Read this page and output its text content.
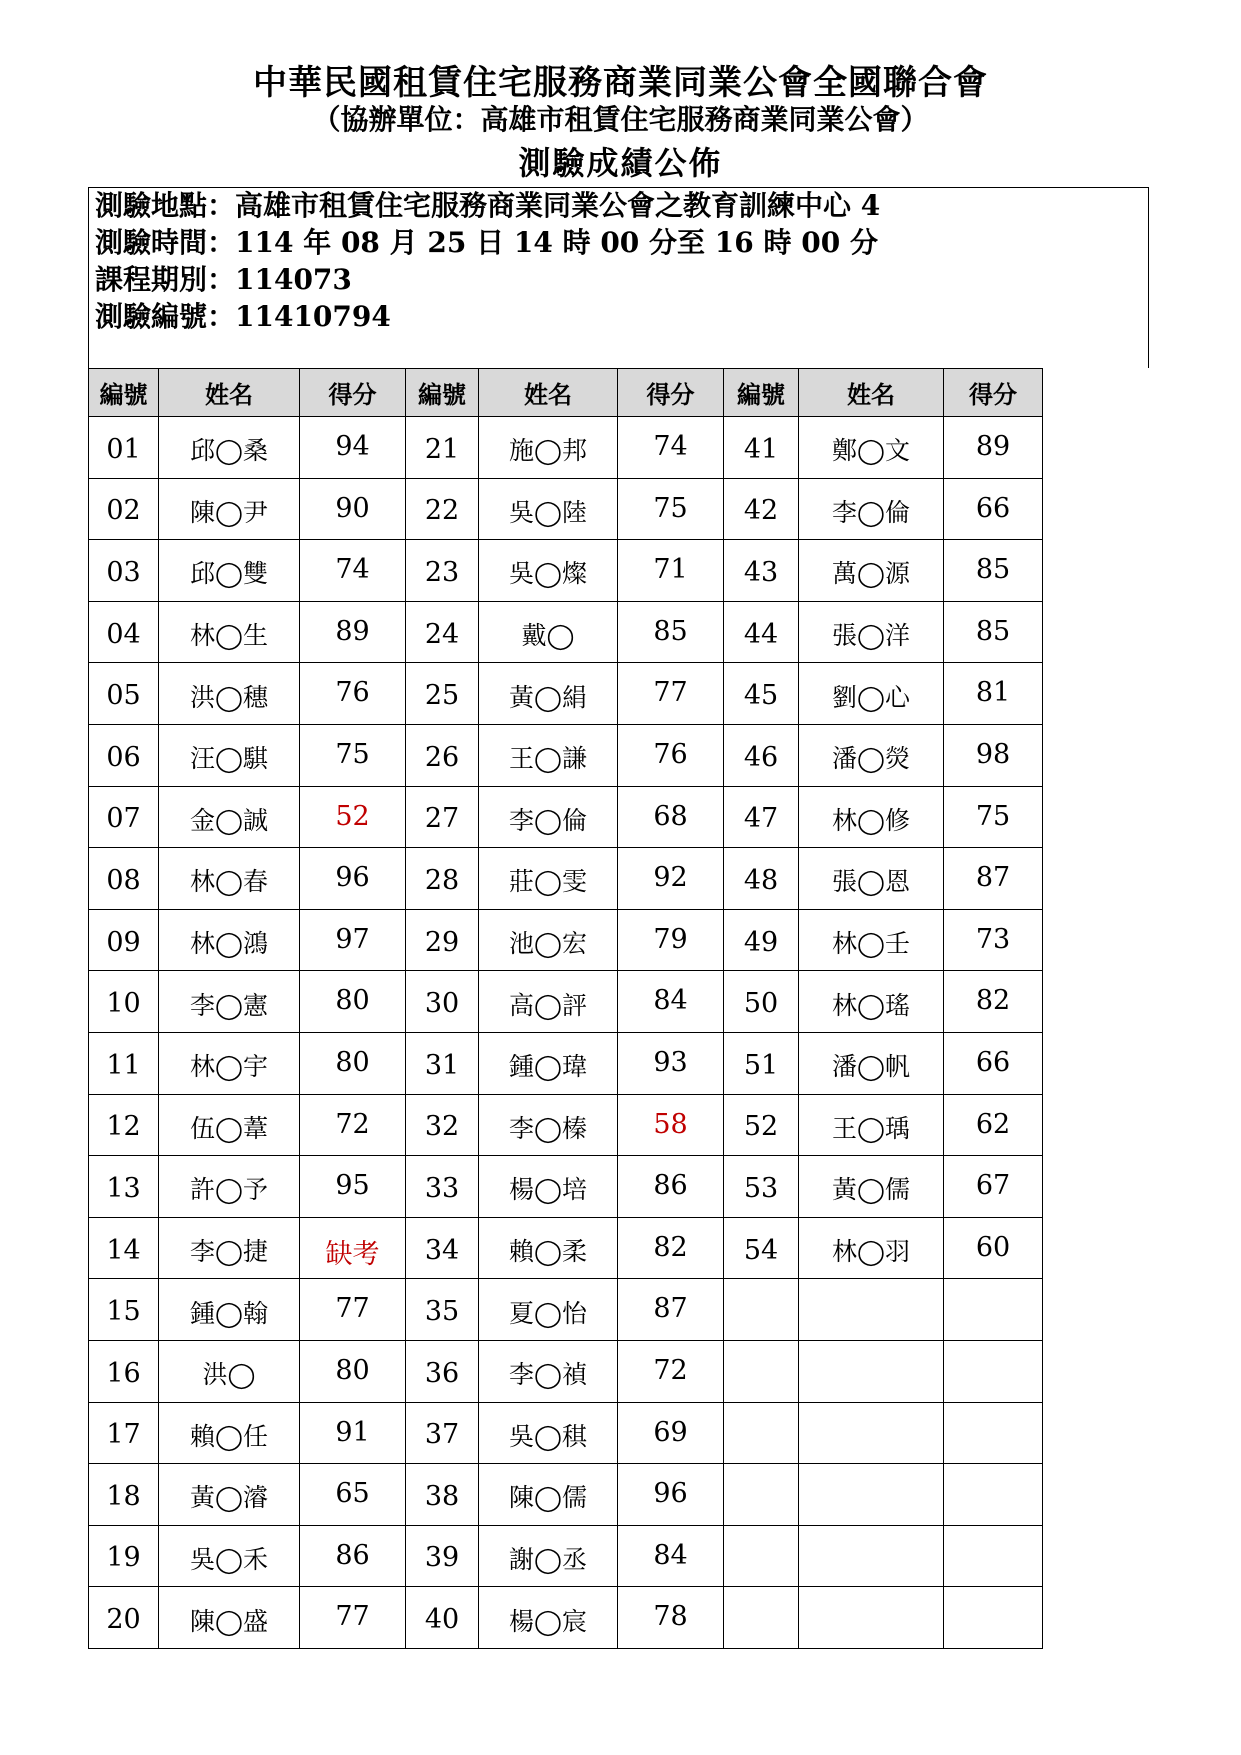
中華民國租賃住宅服務商業同業公會全國聯合會
（協辦單位：高雄市租賃住宅服務商業同業公會）
測驗成績公佈
測驗地點：高雄市租賃住宅服務商業同業公會之教育訓練中心 4
測驗時間：114 年 08 月 25 日 14 時 00 分至 16 時 00 分
課程期別：114073
測驗編號：11410794
編號	姓名	得分	編號	姓名	得分	編號	姓名	得分
01	邱◯桑	94	21	施◯邦	74	41	鄭◯文	89
02	陳◯尹	90	22	吳◯陸	75	42	李◯倫	66
03	邱◯雙	74	23	吳◯燦	71	43	萬◯源	85
04	林◯生	89	24	戴◯	85	44	張◯洋	85
05	洪◯穗	76	25	黃◯絹	77	45	劉◯心	81
06	汪◯騏	75	26	王◯謙	76	46	潘◯熒	98
07	金◯誠	52	27	李◯倫	68	47	林◯修	75
08	林◯春	96	28	莊◯雯	92	48	張◯恩	87
09	林◯鴻	97	29	池◯宏	79	49	林◯壬	73
10	李◯憲	80	30	高◯評	84	50	林◯瑤	82
11	林◯宇	80	31	鍾◯瑋	93	51	潘◯帆	66
12	伍◯葦	72	32	李◯榛	58	52	王◯瑀	62
13	許◯予	95	33	楊◯培	86	53	黃◯儒	67
14	李◯捷	缺考	34	賴◯柔	82	54	林◯羽	60
15	鍾◯翰	77	35	夏◯怡	87			
16	洪◯	80	36	李◯禎	72			
17	賴◯任	91	37	吳◯稘	69			
18	黃◯濬	65	38	陳◯儒	96			
19	吳◯禾	86	39	謝◯丞	84			
20	陳◯盛	77	40	楊◯宸	78			
